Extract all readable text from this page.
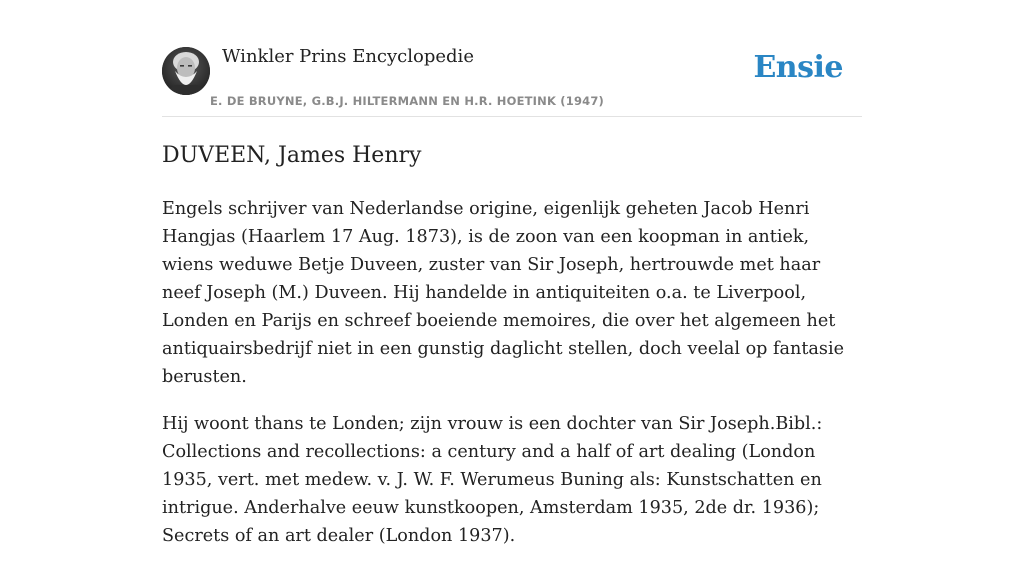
Winkler Prins Encyclopedie
E. DE BRUYNE, G.B.J. HILTERMANN EN H.R. HOETINK (1947)
Ensie
DUVEEN, James Henry

Engels schrijver van Nederlandse origine, eigenlijk geheten Jacob Henri Hangjas (Haarlem 17 Aug. 1873), is de zoon van een koopman in antiek, wiens weduwe Betje Duveen, zuster van Sir Joseph, hertrouwde met haar neef Joseph (M.) Duveen. Hij handelde in antiquiteiten o.a. te Liverpool, Londen en Parijs en schreef boeiende memoires, die over het algemeen het antiquairsbedrijf niet in een gunstig daglicht stellen, doch veelal op fantasie berusten.

Hij woont thans te Londen; zijn vrouw is een dochter van Sir Joseph.Bibl.: Collections and recollections: a century and a half of art dealing (London 1935, vert. met medew. v. J. W. F. Werumeus Buning als: Kunstschatten en intrigue. Anderhalve eeuw kunstkoopen, Amsterdam 1935, 2de dr. 1936); Secrets of an art dealer (London 1937).
